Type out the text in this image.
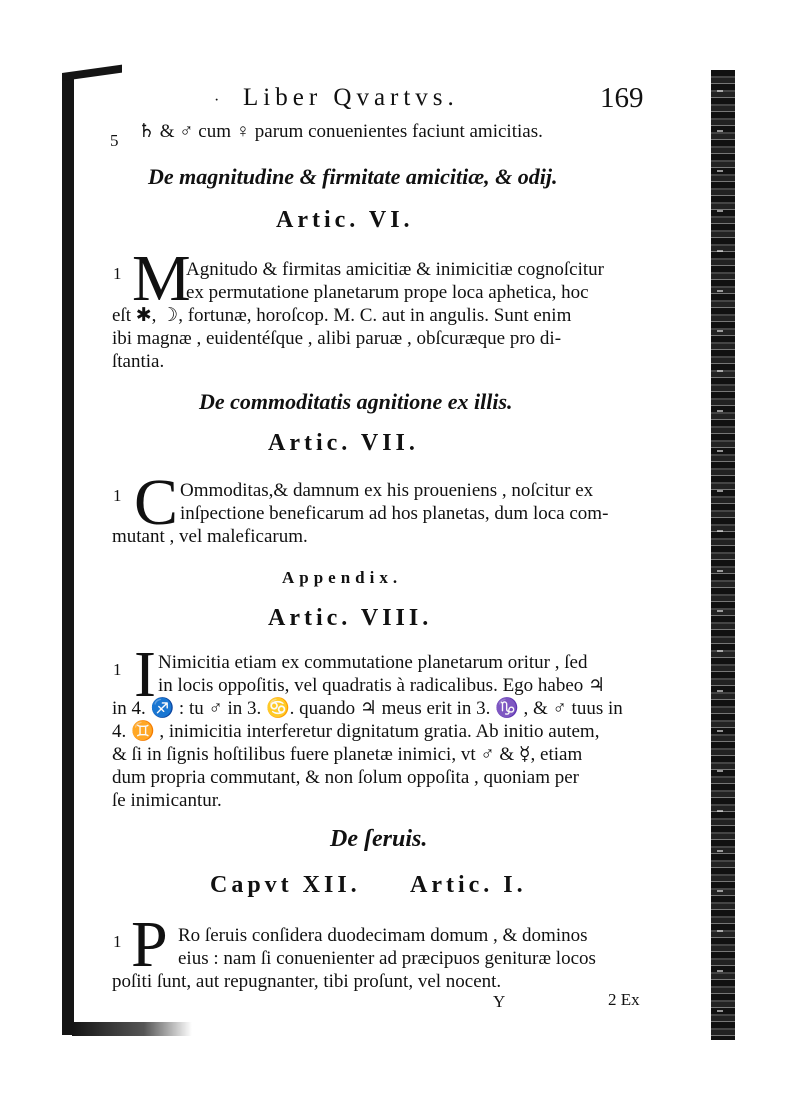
· Liber Qvartvs.	169
5 ♄ & ♂ cum ♀ parum conuenientes faciunt amicitias.
De magnitudine & firmitate amicitiæ, & odij.
Artic. VI.
1 M
Agnitudo & firmitas amicitiæ & inimicitiæ cognoſcitur
ex permutatione planetarum prope loca aphetica, hoc
eſt ✱, ☽, fortunæ, horoſcop. M. C. aut in angulis. Sunt enim
ibi magnæ , euidentéſque , alibi paruæ , obſcuræque pro di-
ſtantia.
De commoditatis agnitione ex illis.
Artic. VII.
1 C Ommoditas,& damnum ex his proueniens , noſcitur ex
inſpectione beneficarum ad hos planetas, dum loca com-
mutant , vel maleficarum.
Appendix.
Artic. VIII.
1 I Nimicitia etiam ex commutatione planetarum oritur , ſed
in locis oppoſitis, vel quadratis à radicalibus. Ego habeo ♃
in 4. ♐ : tu ♂ in 3. ♋. quando ♃ meus erit in 3. ♑ , & ♂ tuus in
4. ♊ , inimicitia interferetur dignitatum gratia. Ab initio autem,
& ſi in ſignis hoſtilibus fuere planetæ inimici, vt ♂ & ☿, etiam
dum propria commutant, & non ſolum oppoſita , quoniam per
ſe inimicantur.
De ſeruis.
Capvt XII. Artic. I.
1 P Ro ſeruis conſidera duodecimam domum , & dominos
eius : nam ſi conuenienter ad præcipuos genituræ locos
poſiti ſunt, aut repugnanter, tibi proſunt, vel nocent.
Y	2 Ex
